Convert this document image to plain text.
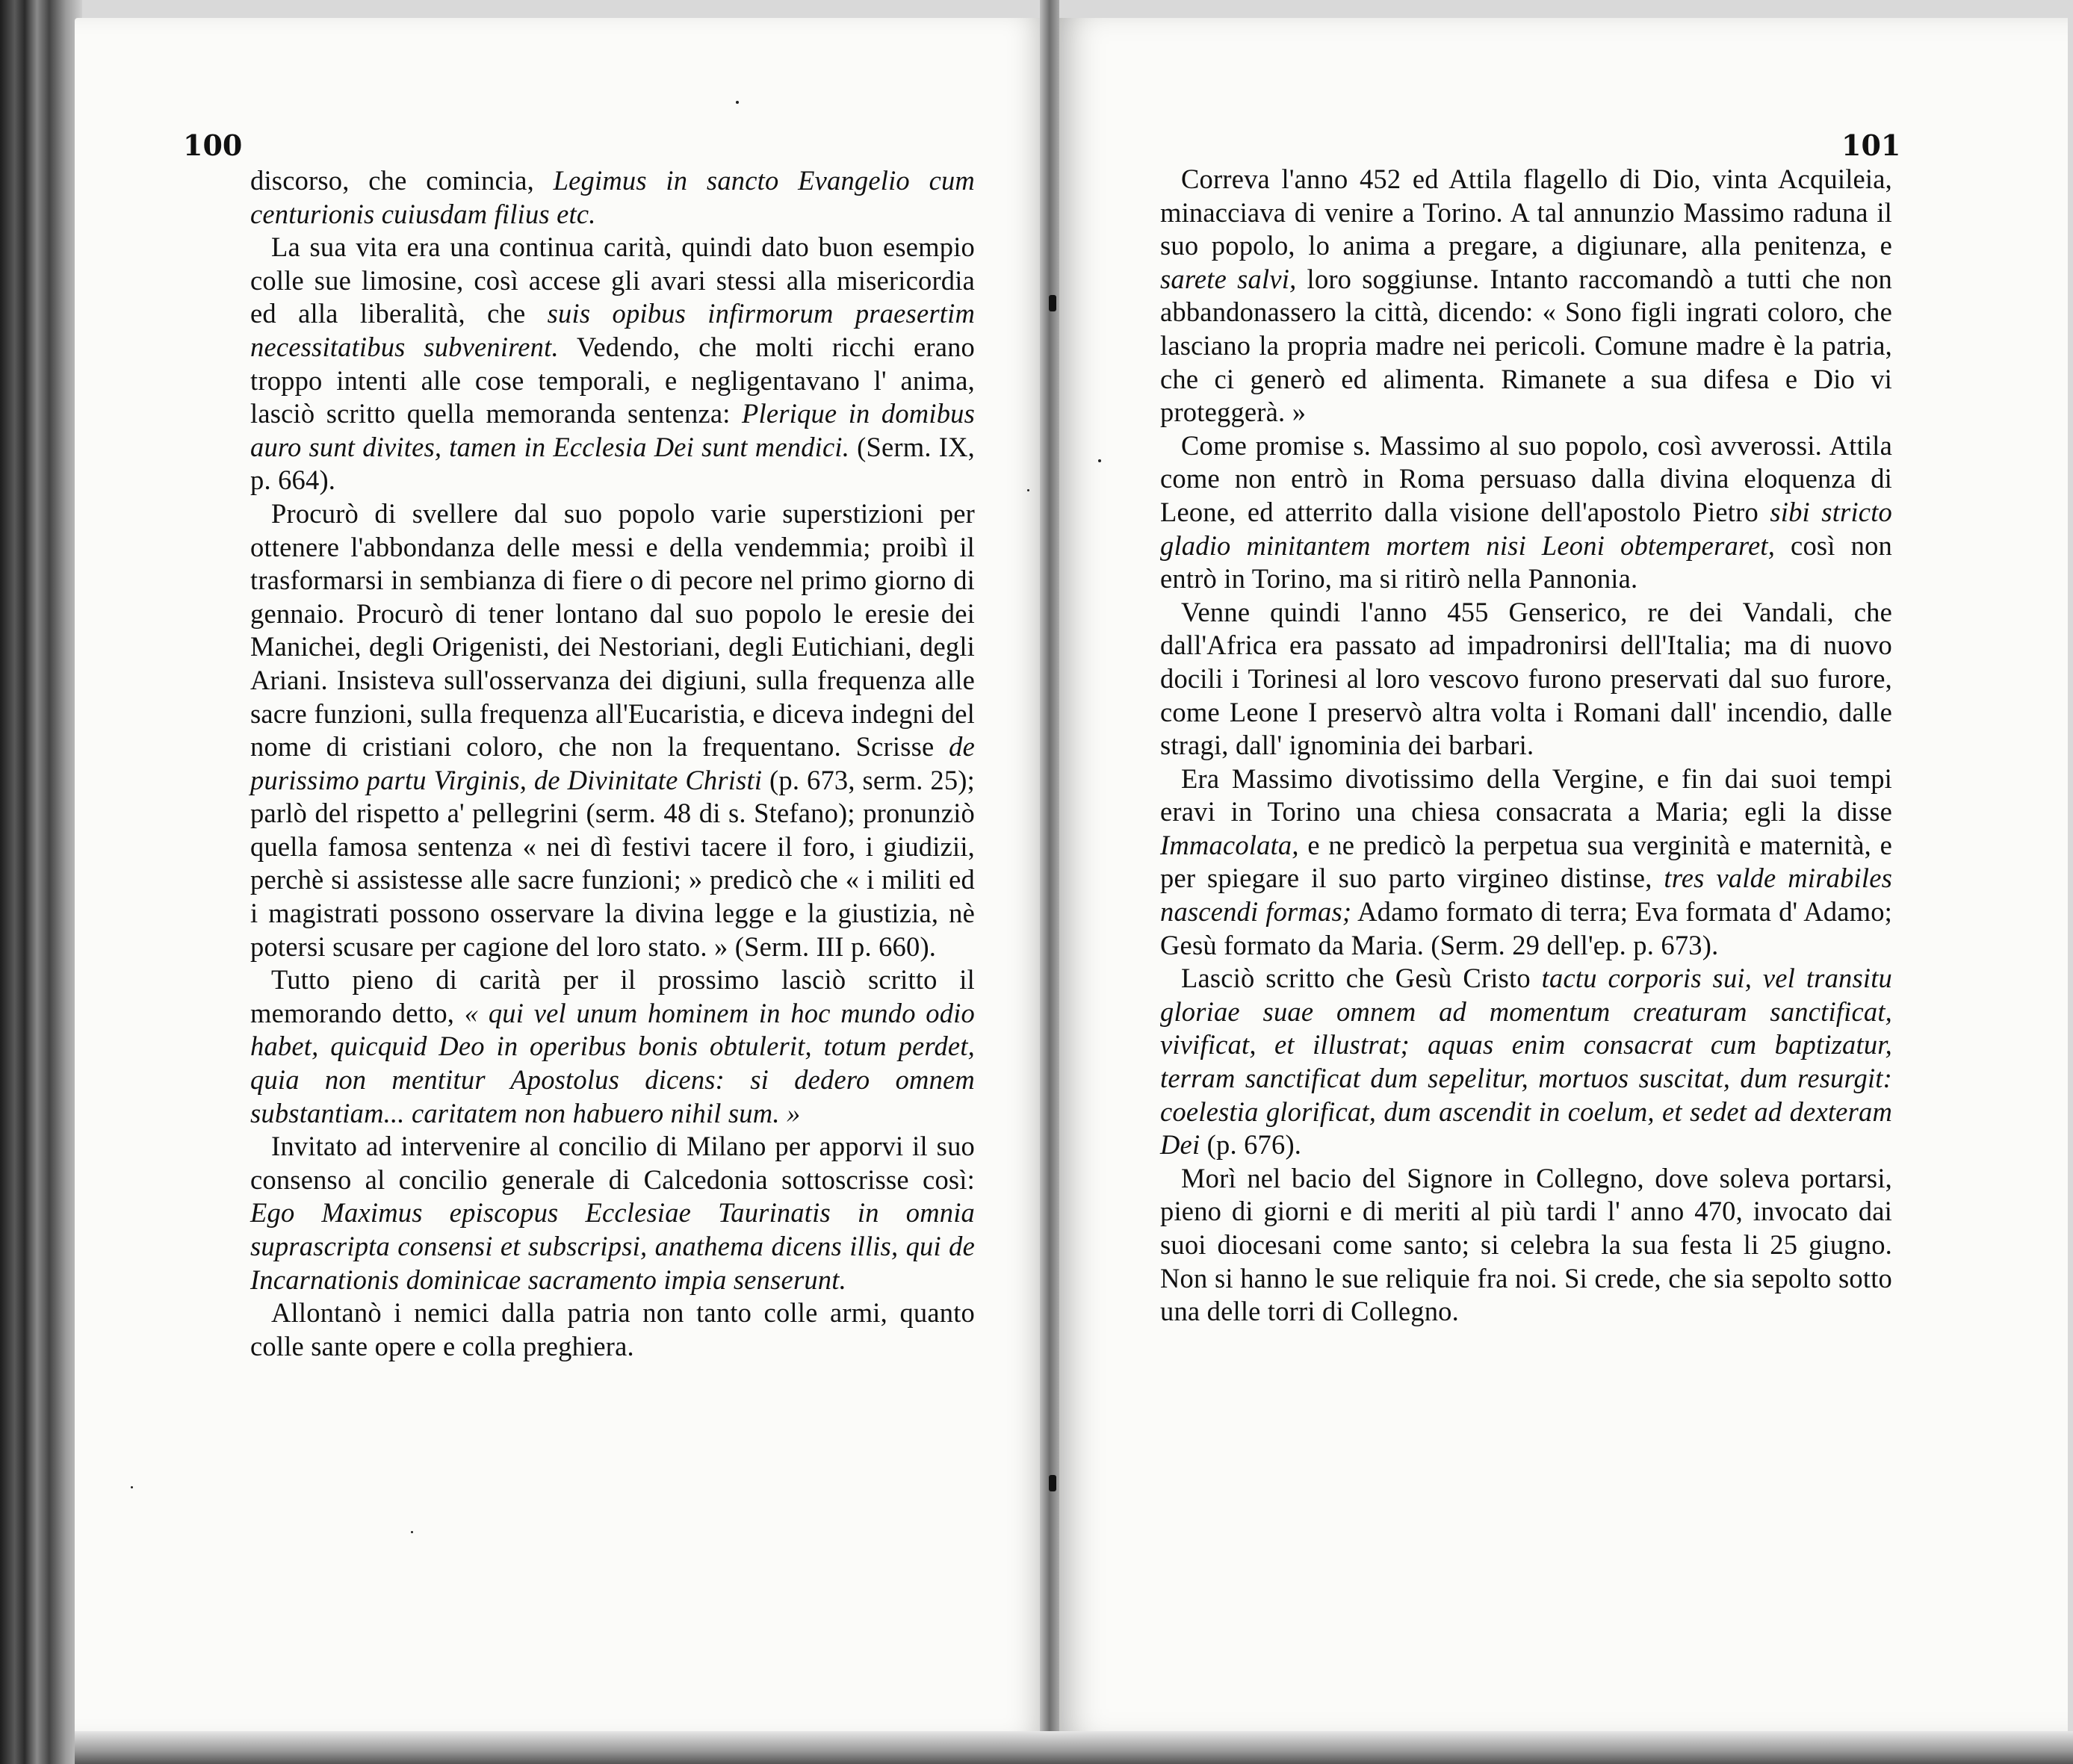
100	101

discorso, che comincia, Legimus in sancto Evangelio cum centurionis cuiusdam filius etc.

La sua vita era una continua carità, quindi dato buon esempio colle sue limosine, così accese gli avari stessi alla misericordia ed alla liberalità, che suis opibus infirmorum praesertim necessitatibus subvenirent. Vedendo, che molti ricchi erano troppo intenti alle cose temporali, e negligentavano l' anima, lasciò scritto quella memoranda sentenza: Plerique in domibus auro sunt divites, tamen in Ecclesia Dei sunt mendici. (Serm. IX, p. 664).

Procurò di svellere dal suo popolo varie superstizioni per ottenere l'abbondanza delle messi e della vendemmia; proibì il trasformarsi in sembianza di fiere o di pecore nel primo giorno di gennaio. Procurò di tener lontano dal suo popolo le eresie dei Manichei, degli Origenisti, dei Nestoriani, degli Eutichiani, degli Ariani. Insisteva sull'osservanza dei digiuni, sulla frequenza alle sacre funzioni, sulla frequenza all'Eucaristia, e diceva indegni del nome di cristiani coloro, che non la frequentano. Scrisse de purissimo partu Virginis, de Divinitate Christi (p. 673, serm. 25); parlò del rispetto a' pellegrini (serm. 48 di s. Stefano); pronunziò quella famosa sentenza « nei dì festivi tacere il foro, i giudizii, perchè si assistesse alle sacre funzioni; » predicò che « i militi ed i magistrati possono osservare la divina legge e la giustizia, nè potersi scusare per cagione del loro stato. » (Serm. III p. 660).

Tutto pieno di carità per il prossimo lasciò scritto il memorando detto, « qui vel unum hominem in hoc mundo odio habet, quicquid Deo in operibus bonis obtulerit, totum perdet, quia non mentitur Apostolus dicens: si dedero omnem substantiam... caritatem non habuero nihil sum. »

Invitato ad intervenire al concilio di Milano per apporvi il suo consenso al concilio generale di Calcedonia sottoscrisse così: Ego Maximus episcopus Ecclesiae Taurinatis in omnia suprascripta consensi et subscripsi, anathema dicens illis, qui de Incarnationis dominicae sacramento impia senserunt.

Allontanò i nemici dalla patria non tanto colle armi, quanto colle sante opere e colla preghiera.

Correva l'anno 452 ed Attila flagello di Dio, vinta Acquileia, minacciava di venire a Torino. A tal annunzio Massimo raduna il suo popolo, lo anima a pregare, a digiunare, alla penitenza, e sarete salvi, loro soggiunse. Intanto raccomandò a tutti che non abbandonassero la città, dicendo: « Sono figli ingrati coloro, che lasciano la propria madre nei pericoli. Comune madre è la patria, che ci generò ed alimenta. Rimanete a sua difesa e Dio vi proteggerà. »

Come promise s. Massimo al suo popolo, così avverossi. Attila come non entrò in Roma persuaso dalla divina eloquenza di Leone, ed atterrito dalla visione dell'apostolo Pietro sibi stricto gladio minitantem mortem nisi Leoni obtemperaret, così non entrò in Torino, ma si ritirò nella Pannonia.

Venne quindi l'anno 455 Genserico, re dei Vandali, che dall'Africa era passato ad impadronirsi dell'Italia; ma di nuovo docili i Torinesi al loro vescovo furono preservati dal suo furore, come Leone I preservò altra volta i Romani dall' incendio, dalle stragi, dall' ignominia dei barbari.

Era Massimo divotissimo della Vergine, e fin dai suoi tempi eravi in Torino una chiesa consacrata a Maria; egli la disse Immacolata, e ne predicò la perpetua sua verginità e maternità, e per spiegare il suo parto virgineo distinse, tres valde mirabiles nascendi formas; Adamo formato di terra; Eva formata d' Adamo; Gesù formato da Maria. (Serm. 29 dell'ep. p. 673).

Lasciò scritto che Gesù Cristo tactu corporis sui, vel transitu gloriae suae omnem ad momentum creaturam sanctificat, vivificat, et illustrat; aquas enim consacrat cum baptizatur, terram sanctificat dum sepelitur, mortuos suscitat, dum resurgit: coelestia glorificat, dum ascendit in coelum, et sedet ad dexteram Dei (p. 676).

Morì nel bacio del Signore in Collegno, dove soleva portarsi, pieno di giorni e di meriti al più tardi l' anno 470, invocato dai suoi diocesani come santo; si celebra la sua festa li 25 giugno. Non si hanno le sue reliquie fra noi. Si crede, che sia sepolto sotto una delle torri di Collegno.
